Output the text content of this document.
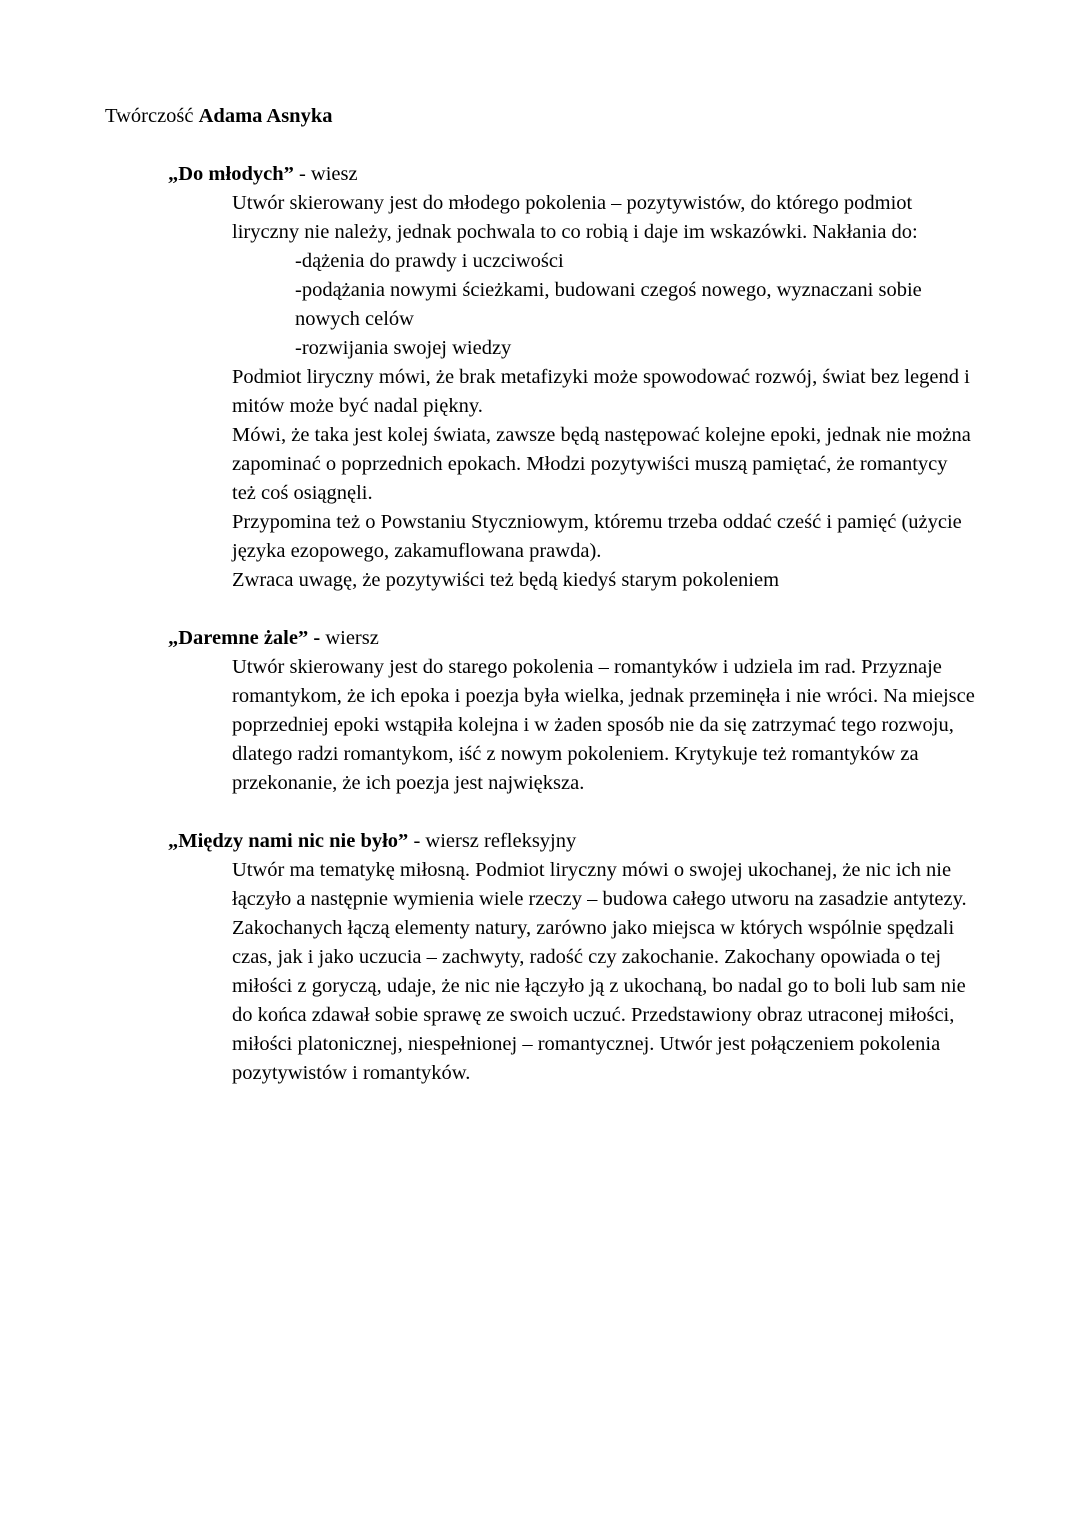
Twórczość Adama Asnyka

„Do młodych” - wiesz

Utwór skierowany jest do młodego pokolenia – pozytywistów, do którego podmiot liryczny nie należy, jednak pochwala to co robią i daje im wskazówki. Nakłania do:

-dążenia do prawdy i uczciwości

-podążania nowymi ścieżkami, budowani czegoś nowego, wyznaczani sobie nowych celów

-rozwijania swojej wiedzy

Podmiot liryczny mówi, że brak metafizyki może spowodować rozwój, świat bez legend i mitów może być nadal piękny.

Mówi, że taka jest kolej świata, zawsze będą następować kolejne epoki, jednak nie można zapominać o poprzednich epokach. Młodzi pozytywiści muszą pamiętać, że romantycy też coś osiągnęli.

Przypomina też o Powstaniu Styczniowym, któremu trzeba oddać cześć i pamięć (użycie języka ezopowego, zakamuflowana prawda).

Zwraca uwagę, że pozytywiści też będą kiedyś starym pokoleniem

„Daremne żale” - wiersz

Utwór skierowany jest do starego pokolenia – romantyków i udziela im rad. Przyznaje romantykom, że ich epoka i poezja była wielka, jednak przeminęła i nie wróci. Na miejsce poprzedniej epoki wstąpiła kolejna i w żaden sposób nie da się zatrzymać tego rozwoju, dlatego radzi romantykom, iść z nowym pokoleniem. Krytykuje też romantyków za przekonanie, że ich poezja jest największa.

„Między nami nic nie było” - wiersz refleksyjny

Utwór ma tematykę miłosną. Podmiot liryczny mówi o swojej ukochanej, że nic ich nie łączyło a następnie wymienia wiele rzeczy – budowa całego utworu na zasadzie antytezy. Zakochanych łączą elementy natury, zarówno jako miejsca w których wspólnie spędzali czas, jak i jako uczucia – zachwyty, radość czy zakochanie. Zakochany opowiada o tej miłości z goryczą, udaje, że nic nie łączyło ją z ukochaną, bo nadal go to boli lub sam nie do końca zdawał sobie sprawę ze swoich uczuć. Przedstawiony obraz utraconej miłości, miłości platonicznej, niespełnionej – romantycznej. Utwór jest połączeniem pokolenia pozytywistów i romantyków.
